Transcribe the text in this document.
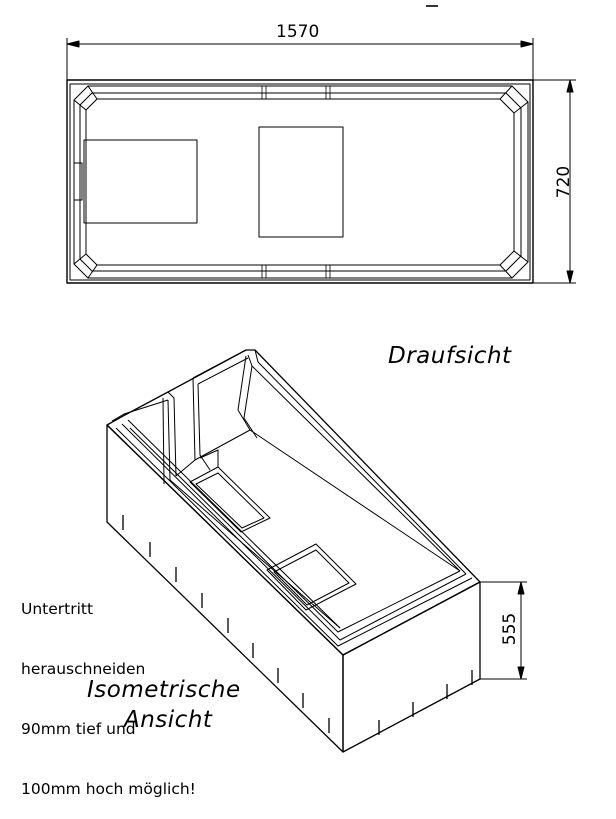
1570
720
Draufsicht
555

Untertritt

herauschneiden

90mm tief und

100mm hoch möglich!

Isometrische
Ansicht
